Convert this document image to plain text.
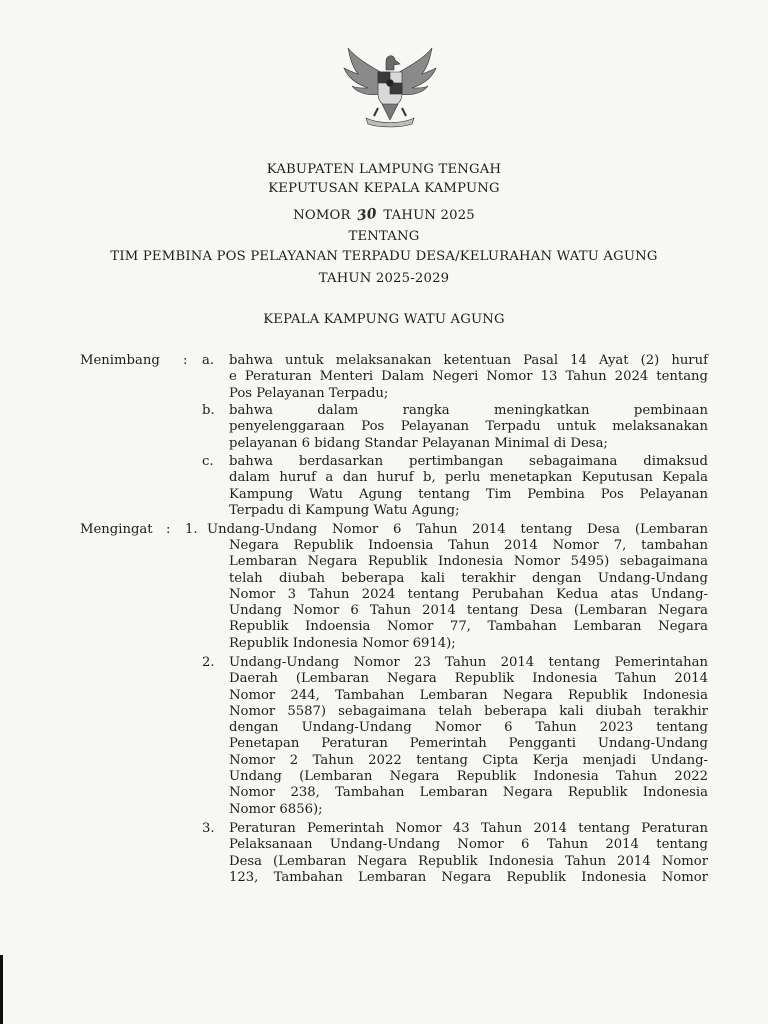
KABUPATEN LAMPUNG TENGAH
KEPUTUSAN KEPALA KAMPUNG
NOMOR 30 TAHUN 2025
TENTANG
TIM PEMBINA POS PELAYANAN TERPADU DESA/KELURAHAN WATU AGUNG
TAHUN 2025-2029
KEPALA KAMPUNG WATU AGUNG
Menimbang : a. bahwa untuk melaksanakan ketentuan Pasal 14 Ayat (2) huruf
e Peraturan Menteri Dalam Negeri Nomor 13 Tahun 2024 tentang
Pos Pelayanan Terpadu;
b. bahwa dalam rangka meningkatkan pembinaan
penyelenggaraan Pos Pelayanan Terpadu untuk melaksanakan
pelayanan 6 bidang Standar Pelayanan Minimal di Desa;
c. bahwa berdasarkan pertimbangan sebagaimana dimaksud
dalam huruf a dan huruf b, perlu menetapkan Keputusan Kepala
Kampung Watu Agung tentang Tim Pembina Pos Pelayanan
Terpadu di Kampung Watu Agung;
Mengingat : 1. Undang-Undang Nomor 6 Tahun 2014 tentang Desa (Lembaran
Negara Republik Indoensia Tahun 2014 Nomor 7, tambahan
Lembaran Negara Republik Indonesia Nomor 5495) sebagaimana
telah diubah beberapa kali terakhir dengan Undang-Undang
Nomor 3 Tahun 2024 tentang Perubahan Kedua atas Undang-
Undang Nomor 6 Tahun 2014 tentang Desa (Lembaran Negara
Republik Indoensia Nomor 77, Tambahan Lembaran Negara
Republik Indonesia Nomor 6914);
2. Undang-Undang Nomor 23 Tahun 2014 tentang Pemerintahan
Daerah (Lembaran Negara Republik Indonesia Tahun 2014
Nomor 244, Tambahan Lembaran Negara Republik Indonesia
Nomor 5587) sebagaimana telah beberapa kali diubah terakhir
dengan Undang-Undang Nomor 6 Tahun 2023 tentang
Penetapan Peraturan Pemerintah Pengganti Undang-Undang
Nomor 2 Tahun 2022 tentang Cipta Kerja menjadi Undang-
Undang (Lembaran Negara Republik Indonesia Tahun 2022
Nomor 238, Tambahan Lembaran Negara Republik Indonesia
Nomor 6856);
3. Peraturan Pemerintah Nomor 43 Tahun 2014 tentang Peraturan
Pelaksanaan Undang-Undang Nomor 6 Tahun 2014 tentang
Desa (Lembaran Negara Republik Indonesia Tahun 2014 Nomor
123, Tambahan Lembaran Negara Republik Indonesia Nomor
